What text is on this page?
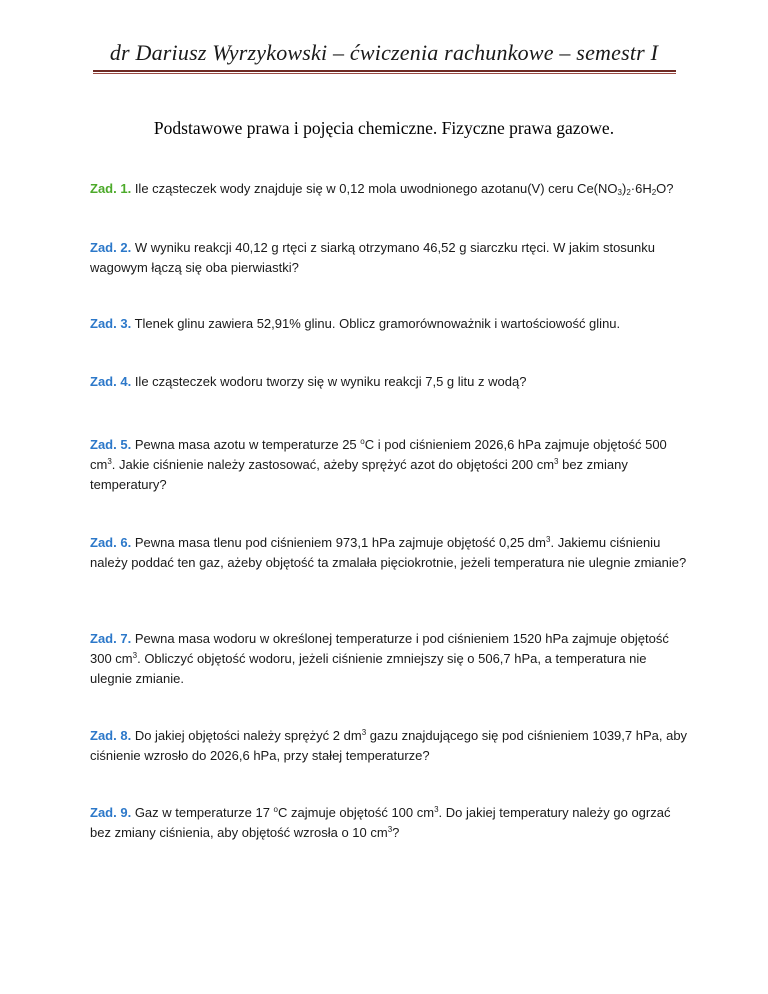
dr Dariusz Wyrzykowski – ćwiczenia rachunkowe – semestr I
Podstawowe prawa i pojęcia chemiczne. Fizyczne prawa gazowe.
Zad. 1. Ile cząsteczek wody znajduje się w 0,12 mola uwodnionego azotanu(V) ceru $Ce(NO_3)_2\cdot 6H_2O$?
Zad. 2. W wyniku reakcji 40,12 g rtęci z siarką otrzymano 46,52 g siarczku rtęci. W jakim stosunku wagowym łączą się oba pierwiastki?
Zad. 3. Tlenek glinu zawiera 52,91% glinu. Oblicz gramorównoważnik i wartościowość glinu.
Zad. 4. Ile cząsteczek wodoru tworzy się w wyniku reakcji 7,5 g litu z wodą?
Zad. 5. Pewna masa azotu w temperaturze 25 $^o$C i pod ciśnieniem 2026,6 hPa zajmuje objętość 500 $cm^3$. Jakie ciśnienie należy zastosować, ażeby sprężyć azot do objętości 200 $cm^3$ bez zmiany temperatury?
Zad. 6. Pewna masa tlenu pod ciśnieniem 973,1 hPa zajmuje objętość 0,25 $dm^3$. Jakiemu ciśnieniu należy poddać ten gaz, ażeby objętość ta zmalała pięciokrotnie, jeżeli temperatura nie ulegnie zmianie?
Zad. 7. Pewna masa wodoru w określonej temperaturze i pod ciśnieniem 1520 hPa zajmuje objętość 300 $cm^3$. Obliczyć objętość wodoru, jeżeli ciśnienie zmniejszy się o 506,7 hPa, a temperatura nie ulegnie zmianie.
Zad. 8. Do jakiej objętości należy sprężyć 2 $dm^3$ gazu znajdującego się pod ciśnieniem 1039,7 hPa, aby ciśnienie wzrosło do 2026,6 hPa, przy stałej temperaturze?
Zad. 9. Gaz w temperaturze 17 $^o$C zajmuje objętość 100 $cm^3$. Do jakiej temperatury należy go ogrzać bez zmiany ciśnienia, aby objętość wzrosła o 10 $cm^3$?
